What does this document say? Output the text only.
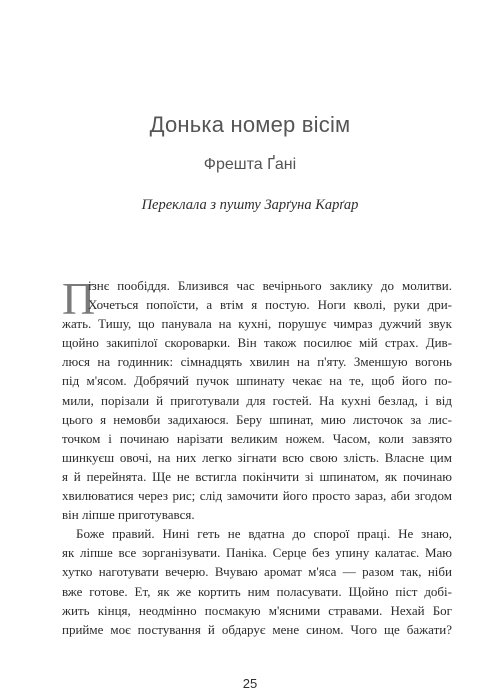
Донька номер вісім
Фрешта Ґані
Переклала з пушту Зарґуна Карґар
П
ізнє пообіддя. Близився час вечірнього заклику до молитви.
Хочеться попоїсти, а втім я постую. Ноги кволі, руки дри-
жать. Тишу, що панувала на кухні, порушує чимраз дужчий звук
щойно закипілої скороварки. Він також посилює мій страх. Див-
люся на годинник: сімнадцять хвилин на п'яту. Зменшую вогонь
під м'ясом. Добрячий пучок шпинату чекає на те, щоб його по-
мили, порізали й приготували для гостей. На кухні безлад, і від
цього я немовби задихаюся. Беру шпинат, мию листочок за лис-
точком і починаю нарізати великим ножем. Часом, коли завзято
шинкуєш овочі, на них легко зігнати всю свою злість. Власне цим
я й перейнята. Ще не встигла покінчити зі шпинатом, як починаю
хвилюватися через рис; слід замочити його просто зараз, аби згодом
він ліпше приготувався.
Боже правий. Нині геть не вдатна до спорої праці. Не знаю,
як ліпше все зорганізувати. Паніка. Серце без упину калатає. Маю
хутко наготувати вечерю. Вчуваю аромат м'яса — разом так, ніби
вже готове. Ет, як же кортить ним поласувати. Щойно піст добі-
жить кінця, неодмінно посмакую м'ясними стравами. Нехай Бог
прийме моє постування й обдарує мене сином. Чого ще бажати?
25
